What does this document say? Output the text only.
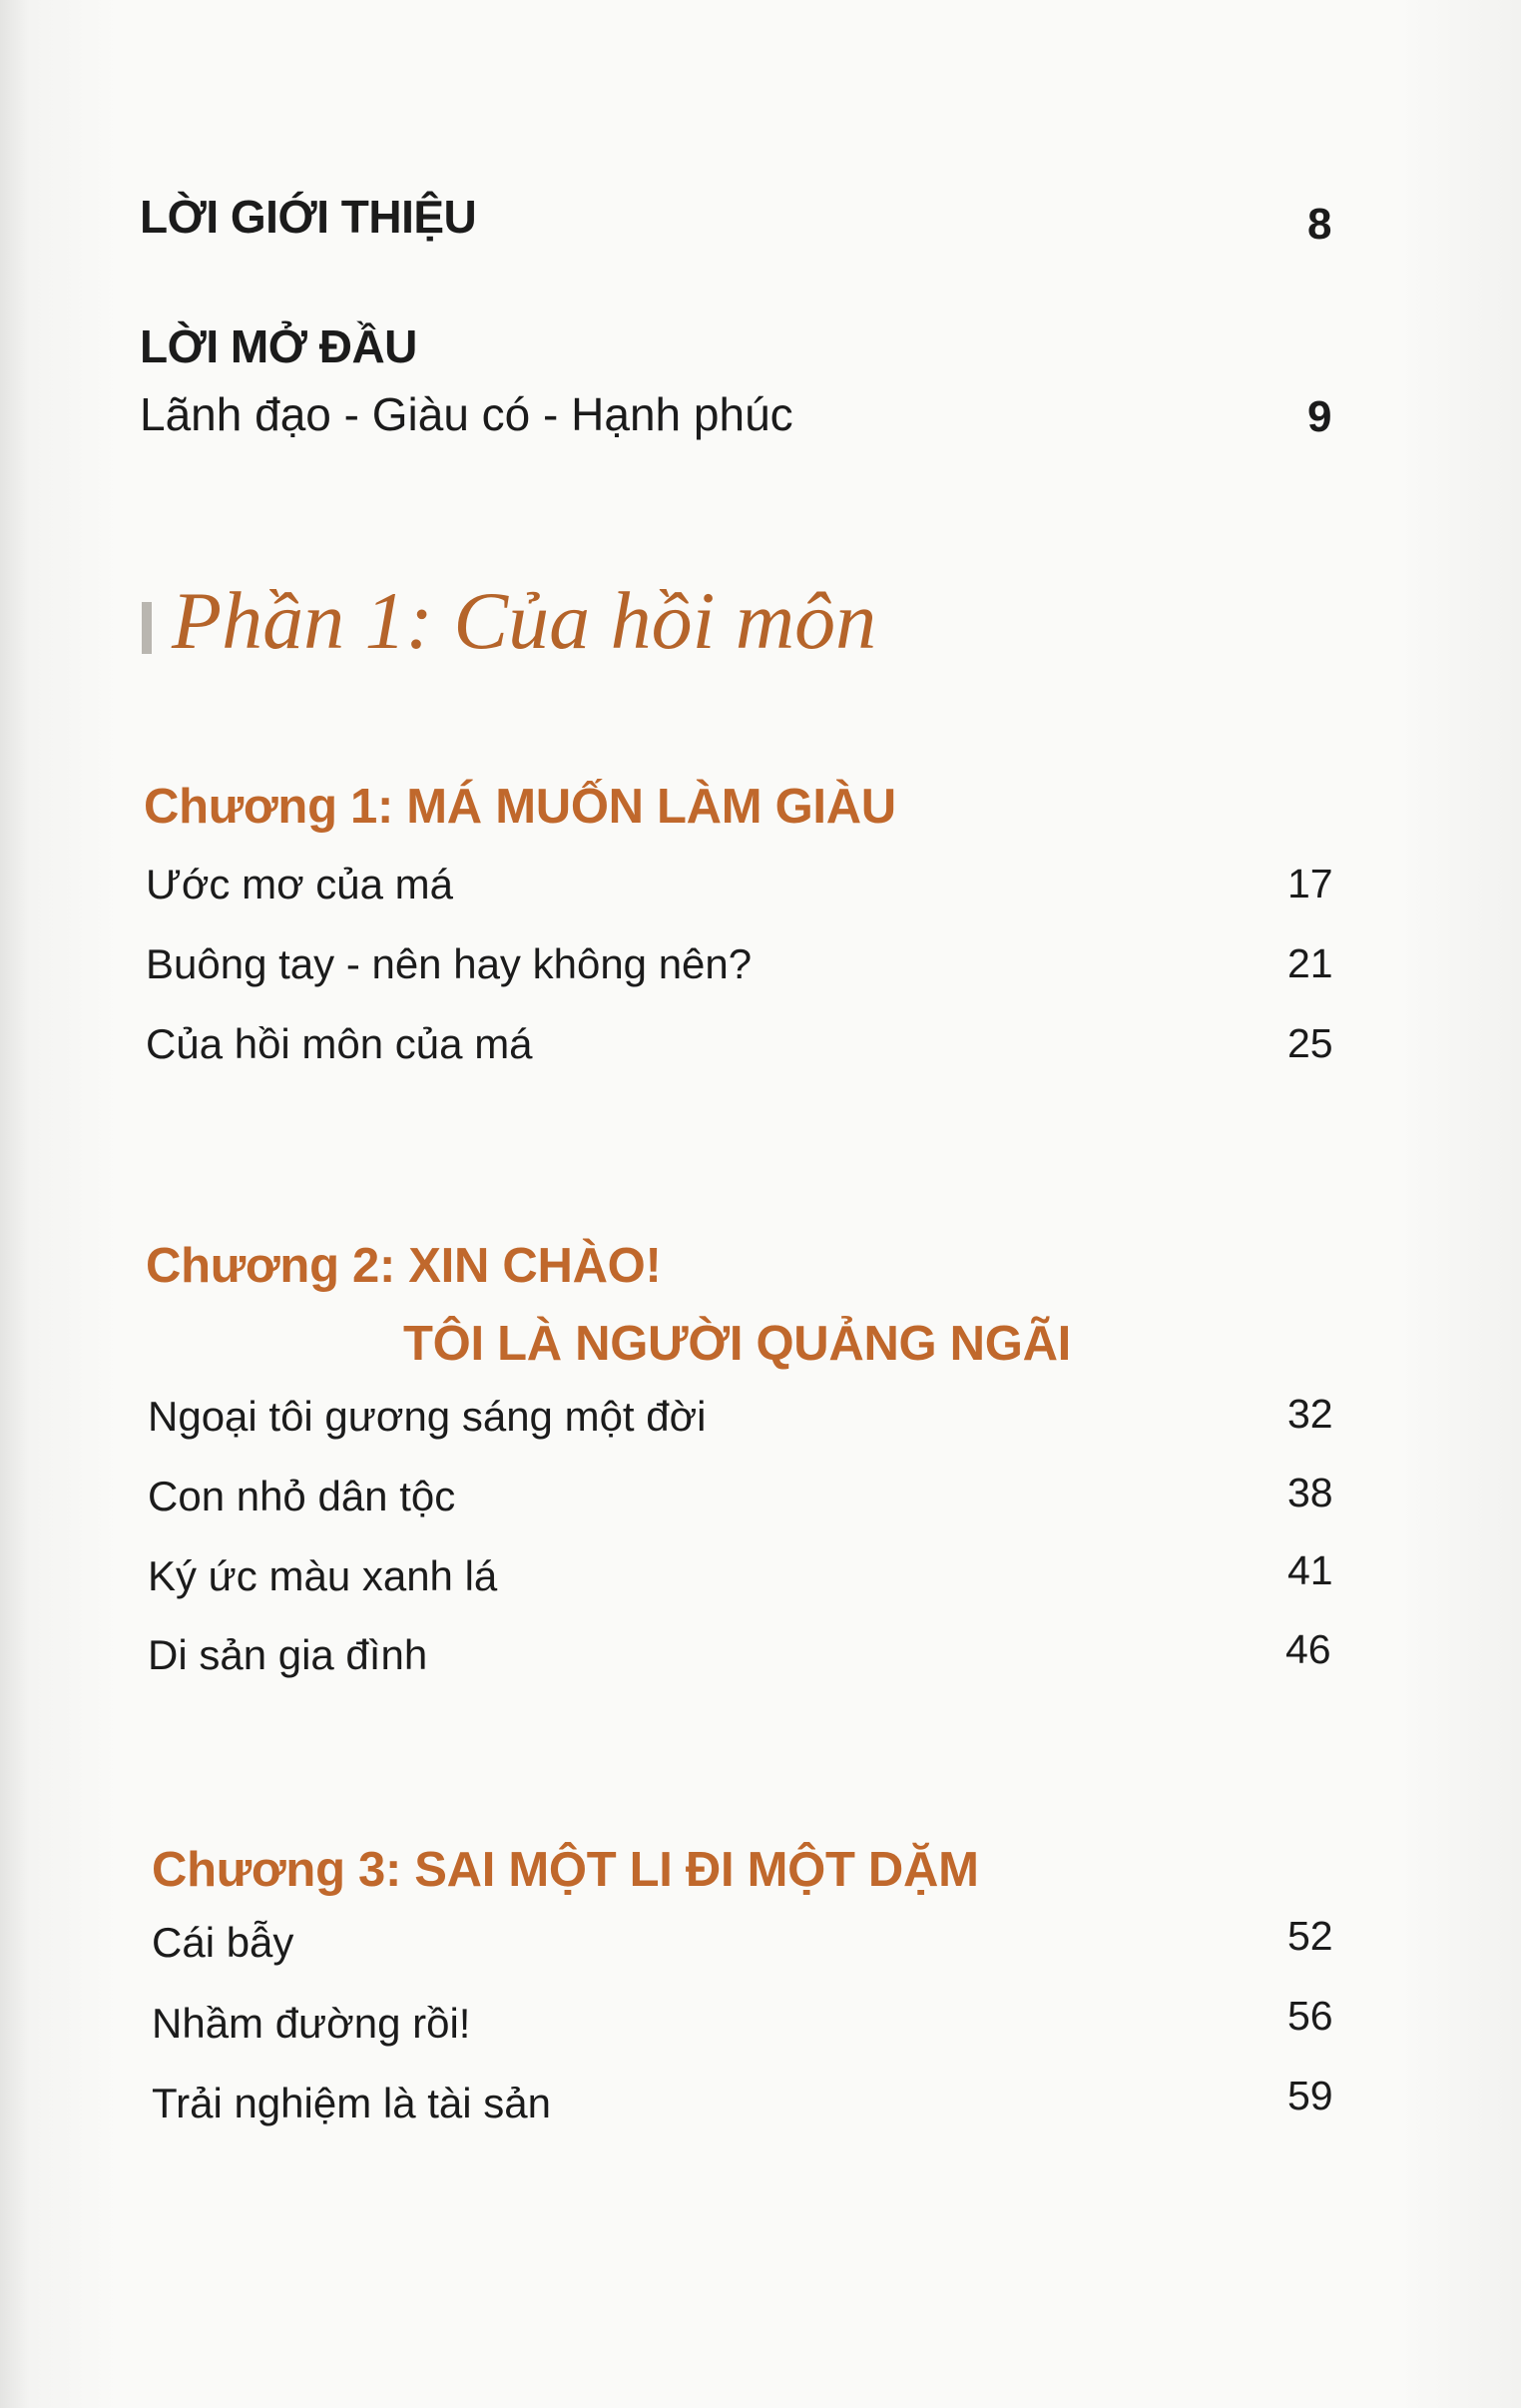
LỜI GIỚI THIỆU	8
LỜI MỞ ĐẦU
Lãnh đạo - Giàu có - Hạnh phúc	9
Phần 1: Của hồi môn
Chương 1: MÁ MUỐN LÀM GIÀU
Ước mơ của má	17
Buông tay - nên hay không nên?	21
Của hồi môn của má	25
Chương 2: XIN CHÀO!
TÔI LÀ NGƯỜI QUẢNG NGÃI
Ngoại tôi gương sáng một đời	32
Con nhỏ dân tộc	38
Ký ức màu xanh lá	41
Di sản gia đình	46
Chương 3: SAI MỘT LI ĐI MỘT DẶM
Cái bẫy	52
Nhầm đường rồi!	56
Trải nghiệm là tài sản	59
